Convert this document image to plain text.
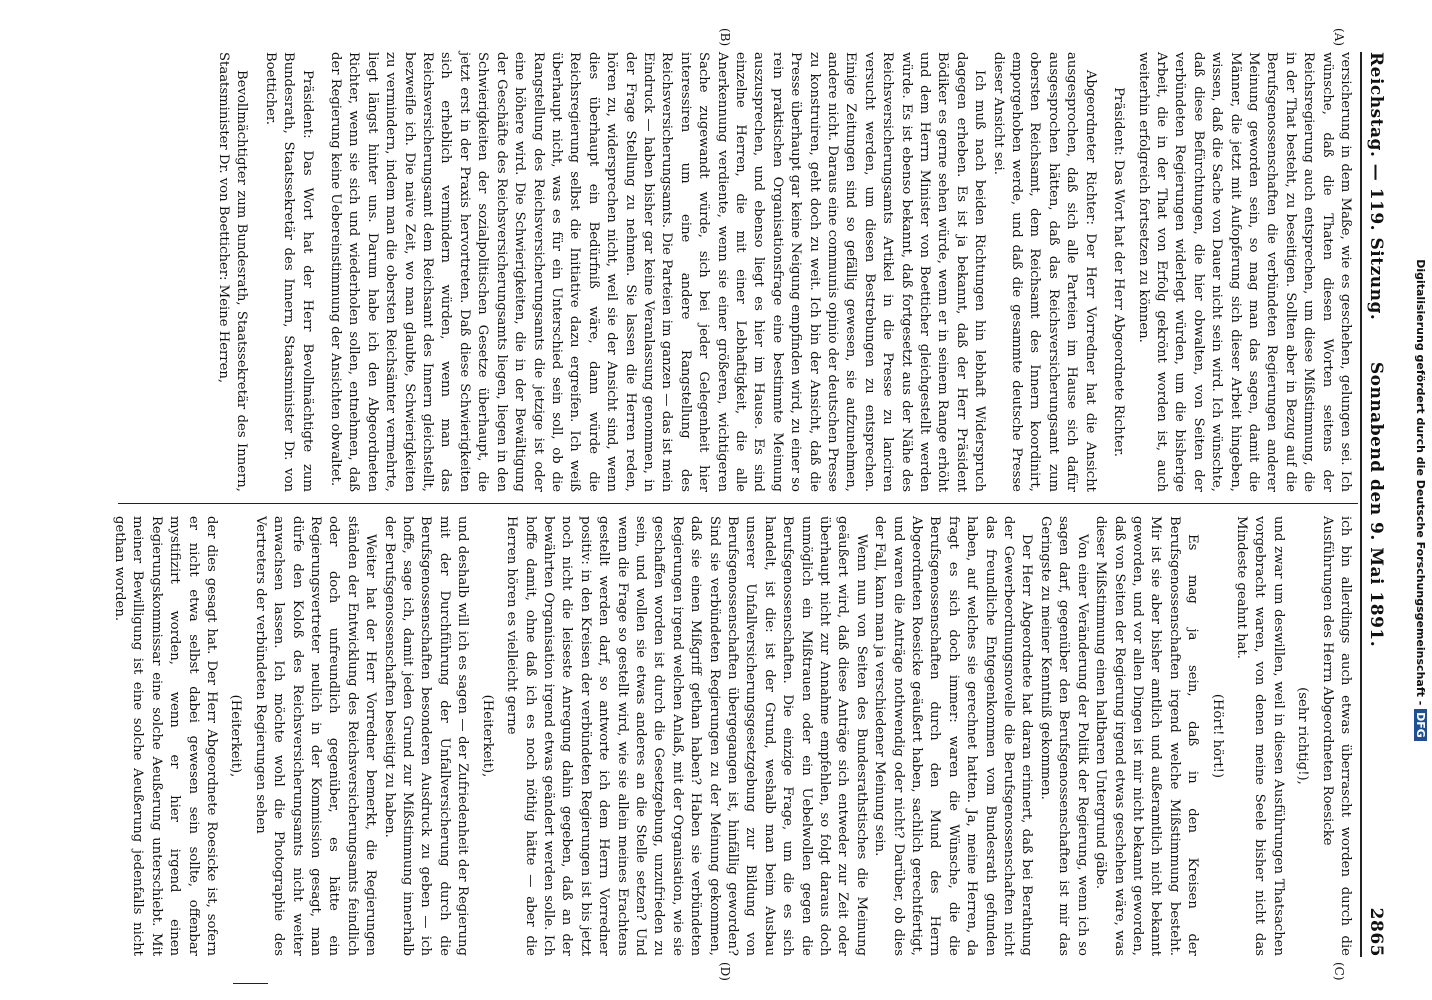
Reichstag. — 119. Sitzung.
Sonnabend den 9. Mai 1891.
2865
(A)
(B)
(C)
(D)

versicherung in dem Maße, wie es geschehen, gelungen sei. Ich wünsche, daß die Thaten diesen Worten seitens der Reichsregierung auch entsprechen, um diese Mißstimmung, die in der That besteht, zu beseitigen. Sollten aber in Bezug auf die Berufsgenossenschaften die verbündeten Regierungen anderer Meinung geworden sein, so mag man das sagen, damit die Männer, die jetzt mit Aufopferung sich dieser Arbeit hingeben, wissen, daß die Sache von Dauer nicht sein wird. Ich wünschte, daß diese Befürchtungen, die hier obwalten, von Seiten der verbündeten Regierungen widerlegt würden, um die bisherige Arbeit, die in der That von Erfolg gekrönt worden ist, auch weiterhin erfolgreich fortsetzen zu können.

Präsident: Das Wort hat der Herr Abgeordnete Richter.

Abgeordneter Richter: Der Herr Vorredner hat die Ansicht ausgesprochen, daß sich alle Parteien im Hause sich dafür ausgesprochen hätten, daß das Reichsversicherungsamt zum obersten Reichsamt, dem Reichsamt des Innern koordinirt, emporgehoben werde, und daß die gesammte deutsche Presse dieser Ansicht sei.

Ich muß nach beiden Richtungen hin lebhaft Widerspruch dagegen erheben. Es ist ja bekannt, daß der Herr Präsident Bödiker es gerne sehen würde, wenn er in seinem Range erhöht und dem Herrn Minister von Boetticher gleichgestellt werden würde. Es ist ebenso bekannt, daß fortgesetzt aus der Nähe des Reichsversicherungsamts Artikel in die Presse zu lanciren versucht werden, um diesen Bestrebungen zu entsprechen. Einige Zeitungen sind so gefällig gewesen, sie aufzunehmen, andere nicht. Daraus eine communis opinio der deutschen Presse zu konstruiren, geht doch zu weit. Ich bin der Ansicht, daß die Presse überhaupt gar keine Neigung empfinden wird, zu einer so rein praktischen Organisationsfrage eine bestimmte Meinung auszusprechen, und ebenso liegt es hier im Hause. Es sind einzelne Herren, die mit einer Lebhaftigkeit, die alle Anerkennung verdiente, wenn sie einer größeren, wichtigeren Sache zugewandt würde, sich bei jeder Gelegenheit hier interessiren um eine andere Rangstellung des Reichsversicherungsamts. Die Parteien im ganzen — das ist mein Eindruck — haben bisher gar keine Veranlassung genommen, in der Frage Stellung zu nehmen. Sie lassen die Herren reden, hören zu, widersprechen nicht, weil sie der Ansicht sind, wenn dies überhaupt ein Bedürfniß wäre, dann würde die Reichsregierung selbst die Initiative dazu ergreifen. Ich weiß überhaupt nicht, was es für ein Unterschied sein soll, ob die Rangstellung des Reichsversicherungsamts die jetzige ist oder eine höhere wird. Die Schwierigkeiten, die in der Bewältigung der Geschäfte des Reichsversicherungsamts liegen, liegen in den Schwierigkeiten der sozialpolitischen Gesetze überhaupt, die jetzt erst in der Praxis hervortreten. Daß diese Schwierigkeiten sich erheblich vermindern würden, wenn man das Reichsversicherungsamt dem Reichsamt des Innern gleichstellt, bezweifle ich. Die naive Zeit, wo man glaubte, Schwierigkeiten zu vermindern, indem man die obersten Reichsämter vermehrte, liegt längst hinter uns. Darum habe ich den Abgeordneten Richter, wenn sie sich und wiederholen sollen, entnehmen, daß der Regierung keine Uebereinstimmung der Ansichten obwaltet.

Präsident: Das Wort hat der Herr Bevollmächtigte zum Bundesrath, Staatssekretär des Innern, Staatsminister Dr. von Boetticher.

Bevollmächtigter zum Bundesrath, Staatssekretär des Innern, Staatsminister Dr. von Boetticher: Meine Herren,

ich bin allerdings auch etwas überrascht worden durch die Ausführungen des Herrn Abgeordneten Roesicke

(sehr richtig!),

und zwar um deswillen, weil in diesen Ausführungen Thatsachen vorgebracht waren, von denen meine Seele bisher nicht das Mindeste geahnt hat.

(Hört! hört!)

Es mag ja sein, daß in den Kreisen der Berufsgenossenschaften irgend welche Mißstimmung besteht. Mir ist sie aber bisher amtlich und außeramtlich nicht bekannt geworden, und vor allen Dingen ist mir nicht bekannt geworden, daß von Seiten der Regierung irgend etwas geschehen wäre, was dieser Mißstimmung einen haltbaren Untergrund gäbe.

Von einer Veränderung der Politik der Regierung, wenn ich so sagen darf, gegenüber den Berufsgenossenschaften ist mir das Geringste zu meiner Kenntniß gekommen.

Der Herr Abgeordnete hat daran erinnert, daß bei Berathung der Gewerbeordnungsnovelle die Berufsgenossenschaften nicht das freundliche Entgegenkommen vom Bundesrath gefunden haben, auf welches sie gerechnet hatten. Ja, meine Herren, da fragt es sich doch immer: waren die Wünsche, die die Berufsgenossenschaften durch den Mund des Herrn Abgeordneten Roesicke geäußert haben, sachlich gerechtfertigt, und waren die Anträge nothwendig oder nicht? Darüber, ob dies der Fall, kann man ja verschiedener Meinung sein.

Wenn nun von Seiten des Bundesrathstisches die Meinung geäußert wird, daß diese Anträge sich entweder zur Zeit oder überhaupt nicht zur Annahme empfehlen, so folgt daraus doch unmöglich ein Mißtrauen oder ein Uebelwollen gegen die Berufsgenossenschaften. Die einzige Frage, um die es sich handelt, ist die: ist der Grund, weshalb man beim Ausbau unserer Unfallversicherungsgesetzgebung zur Bildung von Berufsgenossenschaften übergegangen ist, hinfällig geworden? Sind sie verbündeten Regierungen zu der Meinung gekommen, daß sie einen Mißgriff gethan haben? Haben sie verbündeten Regierungen irgend welchen Anlaß, mit der Organisation, wie sie geschaffen worden ist durch die Gesetzgebung, unzufrieden zu sein, und wollen sie etwas anderes an die Stelle setzen? Und wenn die Frage so gestellt wird, wie sie allein meines Erachtens gestellt werden darf, so antworte ich dem Herrn Vorredner positiv: in den Kreisen der verbündeten Regierungen ist bis jetzt noch nicht die leiseste Anregung dahin gegeben, daß an der bewährten Organisation irgend etwas geändert werden solle. Ich hoffe damit, ohne daß ich es noch nöthig hätte — aber die Herren hören es vielleicht gerne

(Heiterkeit),

und deshalb will ich es sagen — der Zufriedenheit der Regierung mit der Durchführung der Unfallversicherung durch die Berufsgenossenschaften besonderen Ausdruck zu geben — ich hoffe, sage ich, damit jeden Grund zur Mißstimmung innerhalb der Berufsgenossenschaften beseitigt zu haben.

Weiter hat der Herr Vorredner bemerkt, die Regierungen ständen der Entwicklung des Reichsversicherungsamts feindlich oder doch unfreundlich gegenüber, es hätte ein Regierungsvertreter neulich in der Kommission gesagt, man dürfe den Koloß des Reichsversicherungsamts nicht weiter anwachsen lassen. Ich möchte wohl die Photographie des Vertreters der verbündeten Regierungen sehen

(Heiterkeit),

der dies gesagt hat. Der Herr Abgeordnete Roesicke ist, sofern er nicht etwa selbst dabei gewesen sein sollte, offenbar mystifizirt worden, wenn er hier irgend einen Regierungskommissar eine solche Aeußerung unterschiebt. Mit meiner Bewilligung ist eine solche Aeußerung jedenfalls nicht gethan worden.	Digitalisierung gefördert durch die Deutsche Forschungsgemeinschaft - DFG
